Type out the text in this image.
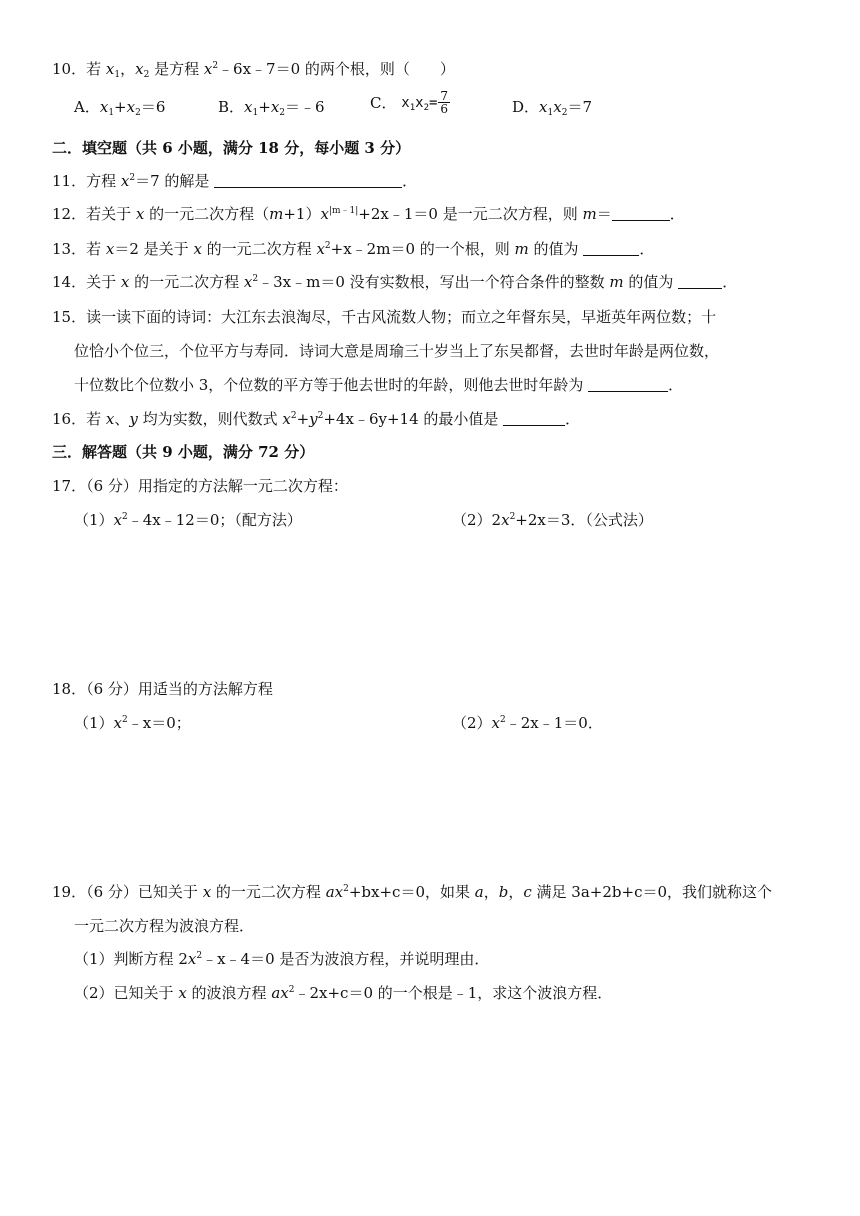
10．若 $x_1$，$x_2$ 是方程 $x^2﹣6x﹣7=0$ 的两个根，则（　　）
A．$x_1+x_2=6$	B．$x_1+x_2=﹣6$	C． $x_1x_2= \frac{7}{6}$	D．$x_1x_2=7$
二．填空题（共 6 小题，满分 18 分，每小题 3 分）
11．方程 $x^2=7$ 的解是	．
12．若关于 x 的一元二次方程$(m+1)x^{|m﹣1|}+2x﹣1=0$ 是一元二次方程，则 m＝	．
13．若 x＝2 是关于 x 的一元二次方程 $x^2+x﹣2m=0$ 的一个根，则 m 的值为	．
14．关于 x 的一元二次方程 $x^2﹣3x﹣m=0$ 没有实数根，写出一个符合条件的整数 m 的值为	．
15．读一读下面的诗词：大江东去浪淘尽，千古风流数人物；而立之年督东吴，早逝英年两位数；十
位恰小个位三，个位平方与寿同．诗词大意是周瑜三十岁当上了东吴都督，去世时年龄是两位数，
十位数比个位数小 3，个位数的平方等于他去世时的年龄，则他去世时年龄为	．
16．若 x、y 均为实数，则代数式 $x^2+y^2+4x﹣6y+14$ 的最小值是	．
三．解答题（共 9 小题，满分 72 分）
17．（6 分）用指定的方法解一元二次方程：
$(1)x^2﹣4x﹣12=0$；（配方法）	$(2)2x^2+2x=3$．（公式法）
18．（6 分）用适当的方法解方程
$(1)x^2﹣x=0$；	$(2)x^2﹣2x﹣1=0$．
19．（6 分）已知关于 x 的一元二次方程 $ax^2+bx+c=0$，如果 a，b，c 满足 3a+2b+c＝0，我们就称这个
一元二次方程为波浪方程．
（1）判断方程 $2x^2﹣x﹣4=0$ 是否为波浪方程，并说明理由．
（2）已知关于 x 的波浪方程 $ax^2﹣2x+c=0$ 的一个根是﹣1，求这个波浪方程．
